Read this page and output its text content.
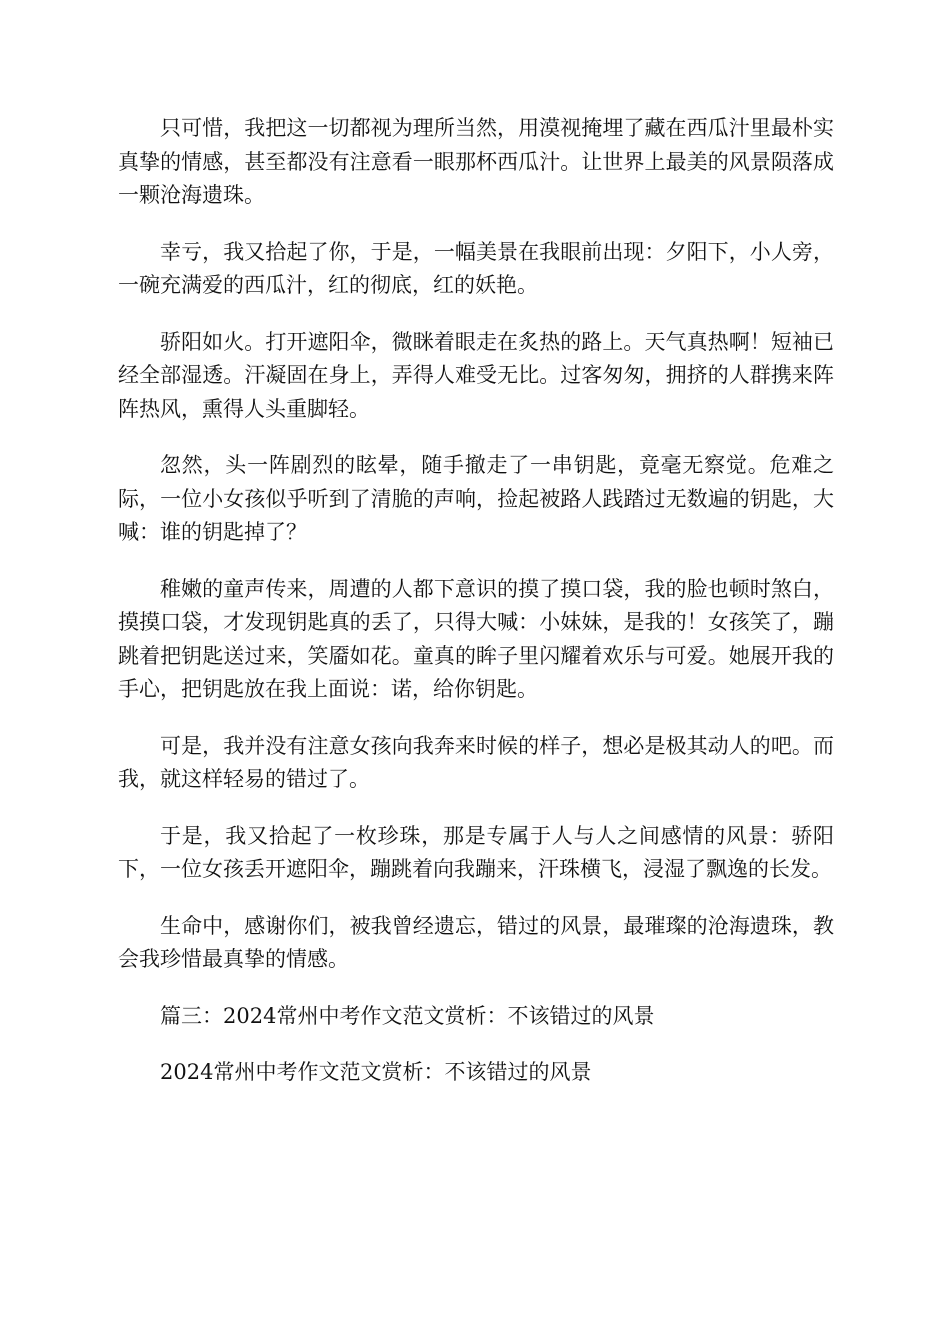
只可惜，我把这一切都视为理所当然，用漠视掩埋了藏在西瓜汁里最朴实真挚的情感，甚至都没有注意看一眼那杯西瓜汁。让世界上最美的风景陨落成一颗沧海遗珠。

幸亏，我又拾起了你，于是，一幅美景在我眼前出现：夕阳下，小人旁，一碗充满爱的西瓜汁，红的彻底，红的妖艳。

骄阳如火。打开遮阳伞，微眯着眼走在炙热的路上。天气真热啊！短袖已经全部湿透。汗凝固在身上，弄得人难受无比。过客匆匆，拥挤的人群携来阵阵热风，熏得人头重脚轻。

忽然，头一阵剧烈的眩晕，随手撤走了一串钥匙，竟毫无察觉。危难之际，一位小女孩似乎听到了清脆的声响，捡起被路人践踏过无数遍的钥匙，大喊：谁的钥匙掉了？

稚嫩的童声传来，周遭的人都下意识的摸了摸口袋，我的脸也顿时煞白，摸摸口袋，才发现钥匙真的丢了，只得大喊：小妹妹，是我的！女孩笑了，蹦跳着把钥匙送过来，笑靥如花。童真的眸子里闪耀着欢乐与可爱。她展开我的手心，把钥匙放在我上面说：诺，给你钥匙。

可是，我并没有注意女孩向我奔来时候的样子，想必是极其动人的吧。而我，就这样轻易的错过了。

于是，我又拾起了一枚珍珠，那是专属于人与人之间感情的风景：骄阳下，一位女孩丢开遮阳伞，蹦跳着向我蹦来，汗珠横飞，浸湿了飘逸的长发。

生命中，感谢你们，被我曾经遗忘，错过的风景，最璀璨的沧海遗珠，教会我珍惜最真挚的情感。

篇三：2024常州中考作文范文赏析：不该错过的风景

2024常州中考作文范文赏析：不该错过的风景
